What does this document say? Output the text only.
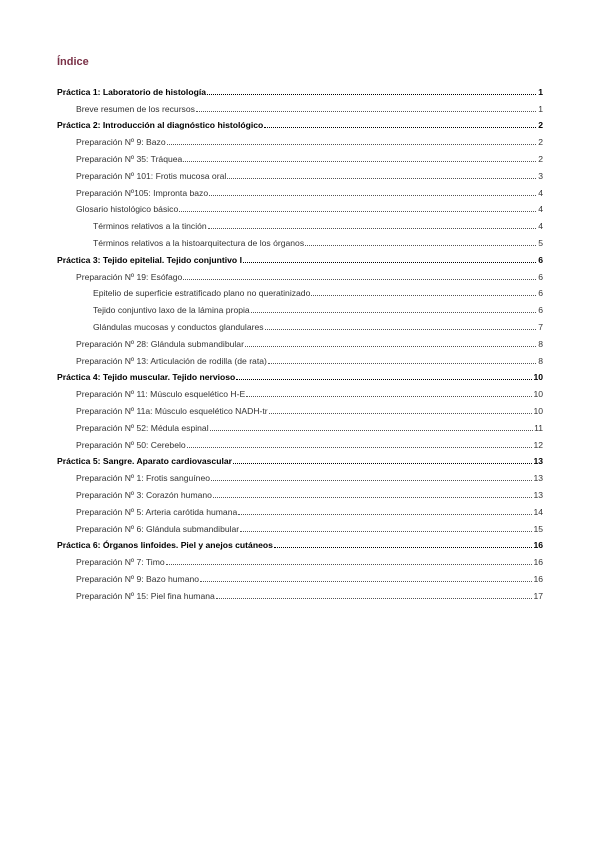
Índice
Práctica 1: Laboratorio de histología	1
Breve resumen de los recursos	1
Práctica 2: Introducción al diagnóstico histológico	2
Preparación Nº 9: Bazo	2
Preparación Nº 35: Tráquea	2
Preparación Nº 101: Frotis mucosa oral	3
Preparación Nº105: Impronta bazo	4
Glosario histológico básico	4
Términos relativos a la tinción	4
Términos relativos a la histoarquitectura de los órganos	5
Práctica 3: Tejido epitelial. Tejido conjuntivo I	6
Preparación Nº 19: Esófago	6
Epitelio de superficie estratificado plano no queratinizado	6
Tejido conjuntivo laxo de la lámina propia	6
Glándulas mucosas y conductos glandulares	7
Preparación Nº 28: Glándula submandibular	8
Preparación Nº 13: Articulación de rodilla (de rata)	8
Práctica 4: Tejido muscular. Tejido nervioso	10
Preparación Nº 11: Músculo esquelético H-E	10
Preparación Nº 11a: Músculo esquelético NADH-tr	10
Preparación Nº 52: Médula espinal	11
Preparación Nº 50: Cerebelo	12
Práctica 5: Sangre. Aparato cardiovascular	13
Preparación Nº 1: Frotis sanguíneo	13
Preparación Nº 3: Corazón humano	13
Preparación Nº 5: Arteria carótida humana	14
Preparación Nº 6: Glándula submandibular	15
Práctica 6: Órganos linfoides. Piel y anejos cutáneos	16
Preparación Nº 7: Timo	16
Preparación Nº 9: Bazo humano	16
Preparación Nº 15: Piel fina humana	17
